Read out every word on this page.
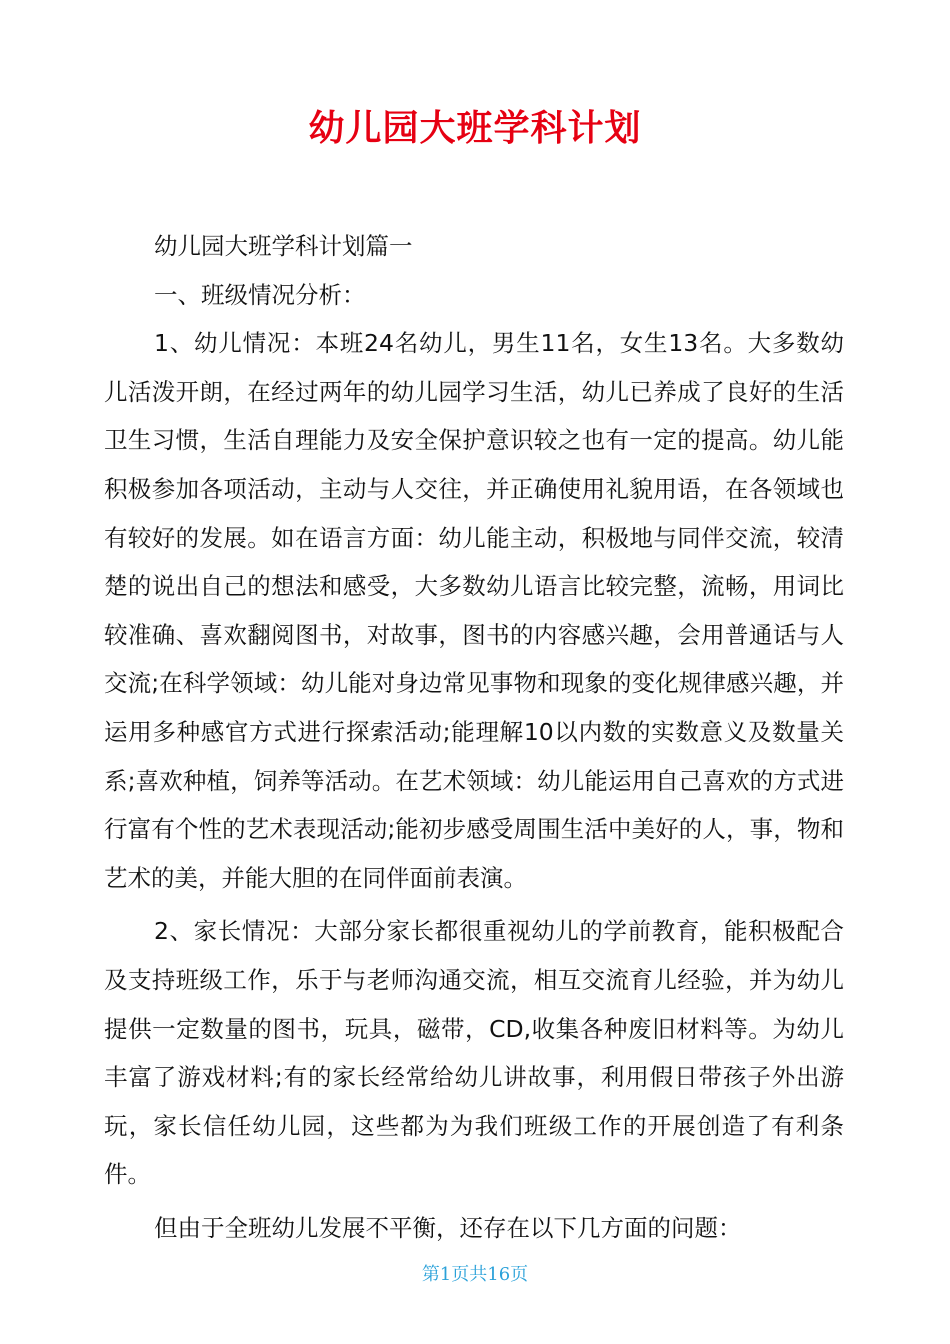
幼儿园大班学科计划

幼儿园大班学科计划篇一

一、班级情况分析：

1、幼儿情况：本班24名幼儿，男生11名，女生13名。大多数幼儿活泼开朗，在经过两年的幼儿园学习生活，幼儿已养成了良好的生活卫生习惯，生活自理能力及安全保护意识较之也有一定的提高。幼儿能积极参加各项活动，主动与人交往，并正确使用礼貌用语，在各领域也有较好的发展。如在语言方面：幼儿能主动，积极地与同伴交流，较清楚的说出自己的想法和感受，大多数幼儿语言比较完整，流畅，用词比较准确、喜欢翻阅图书，对故事，图书的内容感兴趣，会用普通话与人交流;在科学领域：幼儿能对身边常见事物和现象的变化规律感兴趣，并运用多种感官方式进行探索活动;能理解10以内数的实数意义及数量关系;喜欢种植，饲养等活动。在艺术领域：幼儿能运用自己喜欢的方式进行富有个性的艺术表现活动;能初步感受周围生活中美好的人，事，物和艺术的美，并能大胆的在同伴面前表演。

2、家长情况：大部分家长都很重视幼儿的学前教育，能积极配合及支持班级工作，乐于与老师沟通交流，相互交流育儿经验，并为幼儿提供一定数量的图书，玩具，磁带，CD,收集各种废旧材料等。为幼儿丰富了游戏材料;有的家长经常给幼儿讲故事，利用假日带孩子外出游玩，家长信任幼儿园，这些都为为我们班级工作的开展创造了有利条件。

但由于全班幼儿发展不平衡，还存在以下几方面的问题：

第1页共16页
